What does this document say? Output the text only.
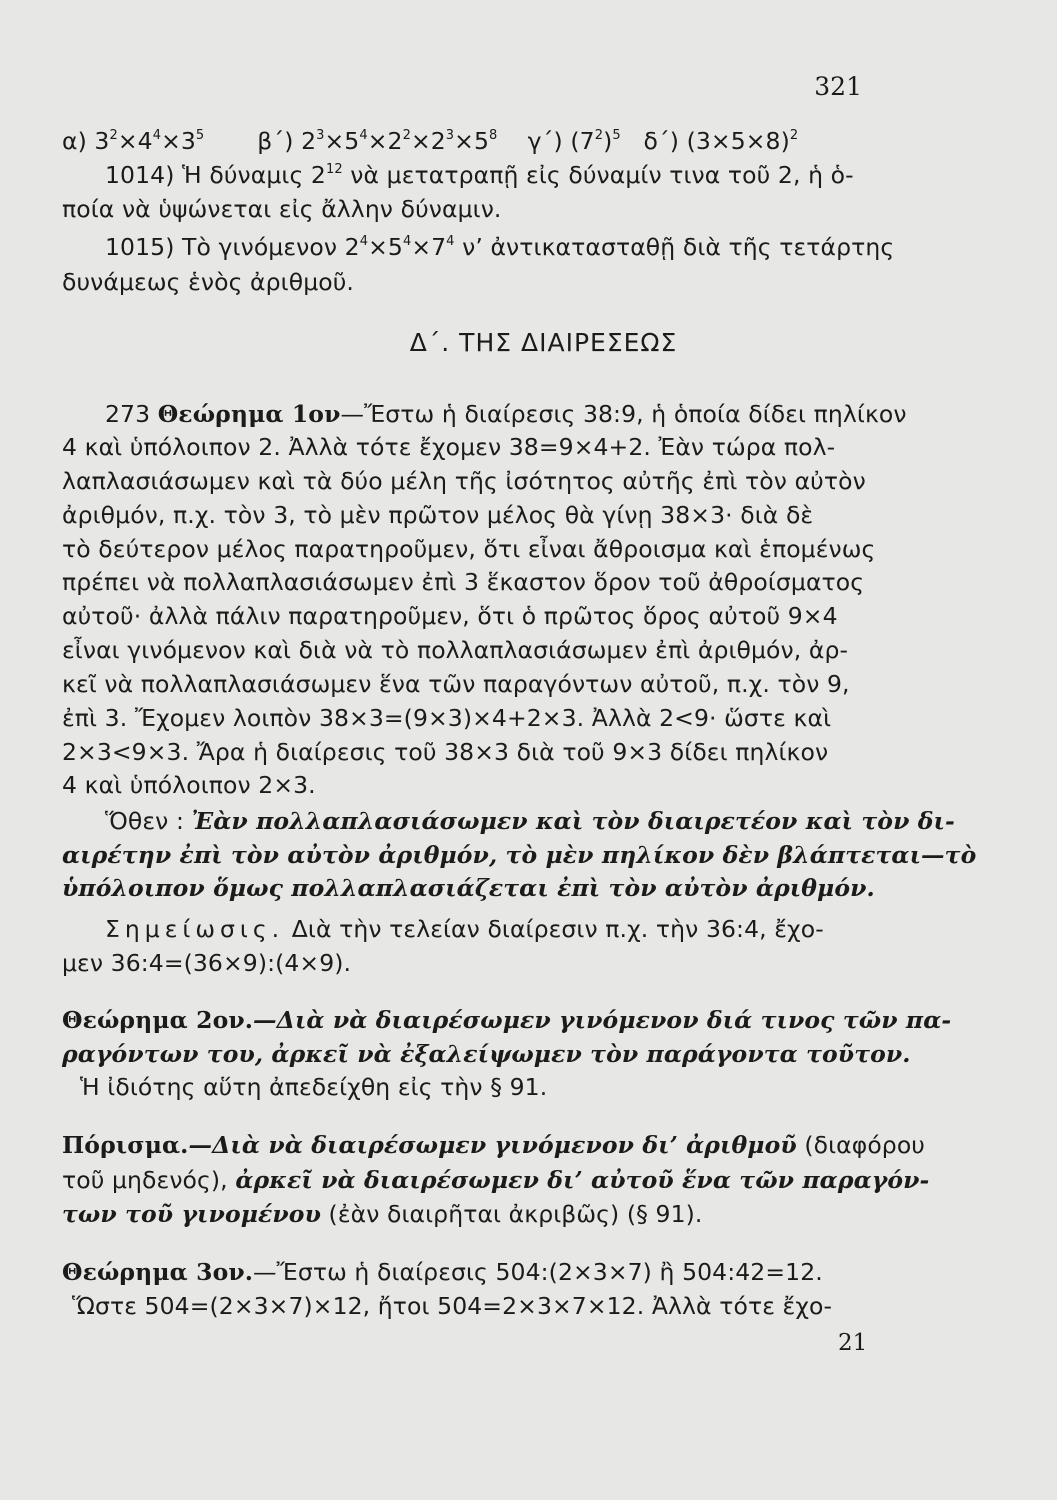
321
α) $3^2\times 4^4\times 3^5$ β΄) $2^3\times 5^4\times 2^2\times 2^3\times 5^8$ γ΄) $(7^2)^5$ δ΄) $(3\times 5\times 8)^2$
1014) Ἡ δύναμις $2^{12}$ νὰ μετατραπῇ εἰς δύναμίν τινα τοῦ 2, ἡ ὁ-
ποία νὰ ὑψώνεται εἰς ἄλλην δύναμιν.
1015) Τὸ γινόμενον $2^4\times 5^4\times 7^4$ ν’ ἀντικατασταθῇ διὰ τῆς τετάρτης
δυνάμεως ἑνὸς ἀριθμοῦ.
Δ΄. ΤΗΣ ΔΙΑΙΡΕΣΕΩΣ
273 Θεώρημα 1ον—Ἔστω ἡ διαίρεσις 38:9, ἡ ὁποία δίδει πηλίκον
4 καὶ ὑπόλοιπον 2. Ἀλλὰ τότε ἔχομεν 38=9×4+2. Ἐὰν τώρα πολ-
λαπλασιάσωμεν καὶ τὰ δύο μέλη τῆς ἰσότητος αὐτῆς ἐπὶ τὸν αὐτὸν
ἀριθμόν, π.χ. τὸν 3, τὸ μὲν πρῶτον μέλος θὰ γίνῃ 38×3· διὰ δὲ
τὸ δεύτερον μέλος παρατηροῦμεν, ὅτι εἶναι ἄθροισμα καὶ ἑπομένως
πρέπει νὰ πολλαπλασιάσωμεν ἐπὶ 3 ἕκαστον ὅρον τοῦ ἀθροίσματος
αὐτοῦ· ἀλλὰ πάλιν παρατηροῦμεν, ὅτι ὁ πρῶτος ὅρος αὐτοῦ 9×4
εἶναι γινόμενον καὶ διὰ νὰ τὸ πολλαπλασιάσωμεν ἐπὶ ἀριθμόν, ἀρ-
κεῖ νὰ πολλαπλασιάσωμεν ἕνα τῶν παραγόντων αὐτοῦ, π.χ. τὸν 9,
ἐπὶ 3. Ἔχομεν λοιπὸν 38×3=(9×3)×4+2×3. Ἀλλὰ 2<9· ὥστε καὶ
2×3<9×3. Ἄρα ἡ διαίρεσις τοῦ 38×3 διὰ τοῦ 9×3 δίδει πηλίκον
4 καὶ ὑπόλοιπον 2×3.
Ὅθεν : Ἐὰν πολλαπλασιάσωμεν καὶ τὸν διαιρετέον καὶ τὸν δι-
αιρέτην ἐπὶ τὸν αὐτὸν ἀριθμόν, τὸ μὲν πηλίκον δὲν βλάπτεται—τὸ
ὑπόλοιπον ὅμως πολλαπλασιάζεται ἐπὶ τὸν αὐτὸν ἀριθμόν.
Σημείωσις. Διὰ τὴν τελείαν διαίρεσιν π.χ. τὴν 36:4, ἔχο-
μεν 36:4=(36×9):(4×9).
Θεώρημα 2ον.—Διὰ νὰ διαιρέσωμεν γινόμενον διά τινος τῶν πα-
ραγόντων του, ἀρκεῖ νὰ ἐξαλείψωμεν τὸν παράγοντα τοῦτον.
Ἡ ἰδιότης αὕτη ἀπεδείχθη εἰς τὴν § 91.
Πόρισμα.—Διὰ νὰ διαιρέσωμεν γινόμενον δι’ ἀριθμοῦ (διαφόρου
τοῦ μηδενός), ἀρκεῖ νὰ διαιρέσωμεν δι’ αὐτοῦ ἕνα τῶν παραγόν-
των τοῦ γινομένου (ἐὰν διαιρῆται ἀκριβῶς) (§ 91).
Θεώρημα 3ον.—Ἔστω ἡ διαίρεσις 504:(2×3×7) ἢ 504:42=12.
Ὥστε 504=(2×3×7)×12, ἤτοι 504=2×3×7×12. Ἀλλὰ τότε ἔχο-
21
